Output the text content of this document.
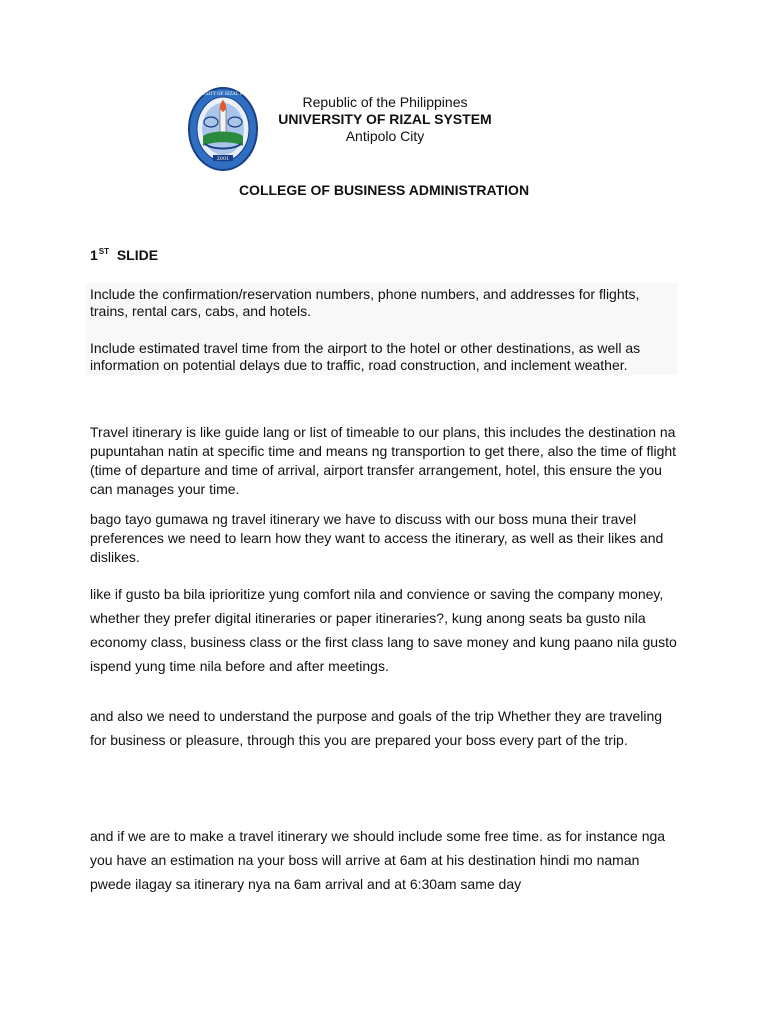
2001
UNIVERSITY OF RIZAL SYSTEM
Republic of the Philippines
UNIVERSITY OF RIZAL SYSTEM
Antipolo City
COLLEGE OF BUSINESS ADMINISTRATION
1ST SLIDE

Include the confirmation/reservation numbers, phone numbers, and addresses for flights, trains, rental cars, cabs, and hotels.

Include estimated travel time from the airport to the hotel or other destinations, as well as information on potential delays due to traffic, road construction, and inclement weather.

Travel itinerary is like guide lang or list of timeable to our plans, this includes the destination na pupuntahan natin at specific time and means ng transportion to get there, also the time of flight (time of departure and time of arrival, airport transfer arrangement, hotel, this ensure the you can manages your time.

bago tayo gumawa ng travel itinerary we have to discuss with our boss muna their travel preferences we need to learn how they want to access the itinerary, as well as their likes and dislikes.

like if gusto ba bila iprioritize yung comfort nila and convience or saving the company money, whether they prefer digital itineraries or paper itineraries?, kung anong seats ba gusto nila economy class, business class or the first class lang to save money and kung paano nila gusto ispend yung time nila before and after meetings.

and also we need to understand the purpose and goals of the trip Whether they are traveling for business or pleasure, through this you are prepared your boss every part of the trip.

and if we are to make a travel itinerary we should include some free time. as for instance nga you have an estimation na your boss will arrive at 6am at his destination hindi mo naman pwede ilagay sa itinerary nya na 6am arrival and at 6:30am same day
